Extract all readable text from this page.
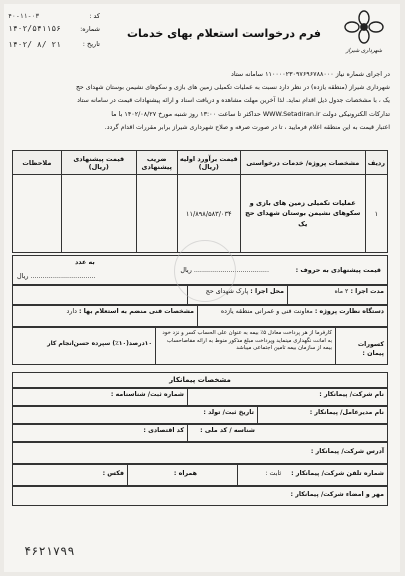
۴۰-۱۱-۰۳	کد :
۱۴۰۲/۵۴۱۱۵۶	شماره:
۱۴۰۲/ ۸/ ۲۱	تاریخ :
فرم درخواست استعلام بهای خدمات
شهرداری شیراز
در اجرای شماره نیاز ۱۱۰۰۰۰۲۳۰۹۷۶۹۶۷۸۸۰۰۰ سامانه ستاد
شهرداری شیراز (منطقه یازده) در نظر دارد نسبت به عملیات تکمیلی زمین های بازی و سکوهای نشیمن بوستان شهدای حج
یک ، با مشخصات جدول ذیل اقدام نماید. لذا آخرین مهلت مشاهده و دریافت اسناد و ارائه پیشنهادات قیمت در سامانه ستاد
تدارکات الکترونیکی دولت WWW.Setadiran.ir حداکثر تا ساعت ۱۳:۰۰ روز شنبه مورخ ۱۴۰۲/۰۸/۲۷ با ما
اعتبار قیمت به این منطقه اعلام فرمایید ، تا در صورت صرفه و صلاح شهرداری شیراز برابر مقررات اقدام گردد.
ردیف	مشخصات پروژه/ خدمات درخواستی	قیمت برآورد اولیه (ریال)	ضریب پیشنهادی	قیمت پیشنهادی (ریال)	ملاحظات
۱	عملیات تکمیلی زمین های بازی و سکوهای نشیمن بوستان شهدای حج یک	۱۱/۸۹۸/۵۸۳/۰۳۴			
قیمت پیشنهادی به حروف :
..................................... ریال
به عدد
................................ ریال
مدت اجرا : ۲ ماه
محل اجرا : پارک شهدای حج
دستگاه نظارت پروژه : معاونت فنی و عمرانی منطقه یازده
مشخصات فنی منضم به استعلام بها : دارد
کسورات پیمان :
کارفرما از هر پرداخت معادل ۵٪ بیمه به عنوان علی الحساب کسر و نزد خود
به امانت نگهداری مینماید وپرداخت مبلغ مذکور منوط به ارائه مفاصاحساب
بیمه از سازمان بیمه تامین اجتماعی میباشد
۱۰درصد(۱۰٪) سپرده حسن‌انجام کار
مشخصات پیمانکار
نام شرکت/ پیمانکار :
شماره ثبت/ شناسنامه :
نام مدیرعامل/ پیمانکار :
تاریخ ثبت/ تولد :
شناسه / کد ملی :
کد اقتصادی :
آدرس شرکت/ پیمانکار :
شماره تلفن شرکت/ پیمانکار : ثابت :
همراه :
فکس :
مهر و امضاء شرکت/ پیمانکار :
۴۶۲۱۷۹۹
